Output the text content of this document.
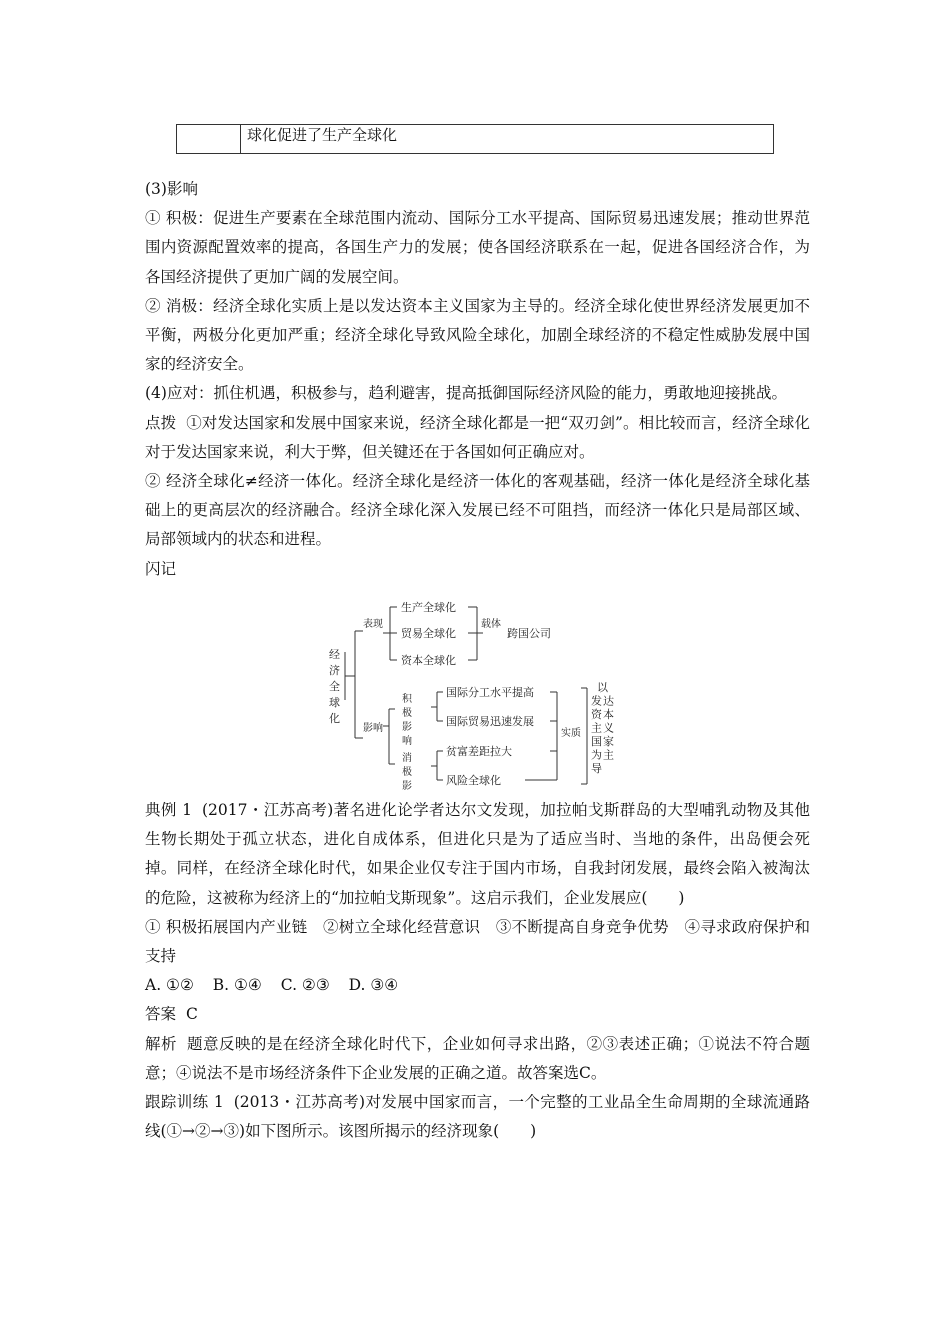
球化促进了生产全球化

(3)影响

① 积极：促进生产要素在全球范围内流动、国际分工水平提高、国际贸易迅速发展；推动世界范围内资源配置效率的提高，各国生产力的发展；使各国经济联系在一起，促进各国经济合作，为各国经济提供了更加广阔的发展空间。

② 消极：经济全球化实质上是以发达资本主义国家为主导的。经济全球化使世界经济发展更加不平衡，两极分化更加严重；经济全球化导致风险全球化，加剧全球经济的不稳定性威胁发展中国家的经济安全。

(4)应对：抓住机遇，积极参与，趋利避害，提高抵御国际经济风险的能力，勇敢地迎接挑战。

点拨 ①对发达国家和发展中国家来说，经济全球化都是一把“双刃剑”。相比较而言，经济全球化对于发达国家来说，利大于弊，但关键还在于各国如何正确应对。

② 经济全球化≠经济一体化。经济全球化是经济一体化的客观基础，经济一体化是经济全球化基础上的更高层次的经济融合。经济全球化深入发展已经不可阻挡，而经济一体化只是局部区域、局部领域内的状态和进程。

闪记

经济全球化
表现
影响
生产全球化
贸易全球化
资本全球化
载体
跨国公司
积极影响
消极影
国际分工水平提高
国际贸易迅速发展
贫富差距拉大
风险全球化
实质
以发达资本主义国家为主导

典例 1 (2017・江苏高考)著名进化论学者达尔文发现，加拉帕戈斯群岛的大型哺乳动物及其他生物长期处于孤立状态，进化自成体系，但进化只是为了适应当时、当地的条件，出岛便会死掉。同样，在经济全球化时代，如果企业仅专注于国内市场，自我封闭发展，最终会陷入被淘汰的危险，这被称为经济上的“加拉帕戈斯现象”。这启示我们，企业发展应(　　)

① 积极拓展国内产业链　②树立全球化经营意识　③不断提高自身竞争优势　④寻求政府保护和支持

A. ①② B. ①④ C. ②③ D. ③④

答案 C

解析 题意反映的是在经济全球化时代下，企业如何寻求出路，②③表述正确；①说法不符合题意；④说法不是市场经济条件下企业发展的正确之道。故答案选C。

跟踪训练 1 (2013・江苏高考)对发展中国家而言，一个完整的工业品全生命周期的全球流通路线(①→②→③)如下图所示。该图所揭示的经济现象(　　)
